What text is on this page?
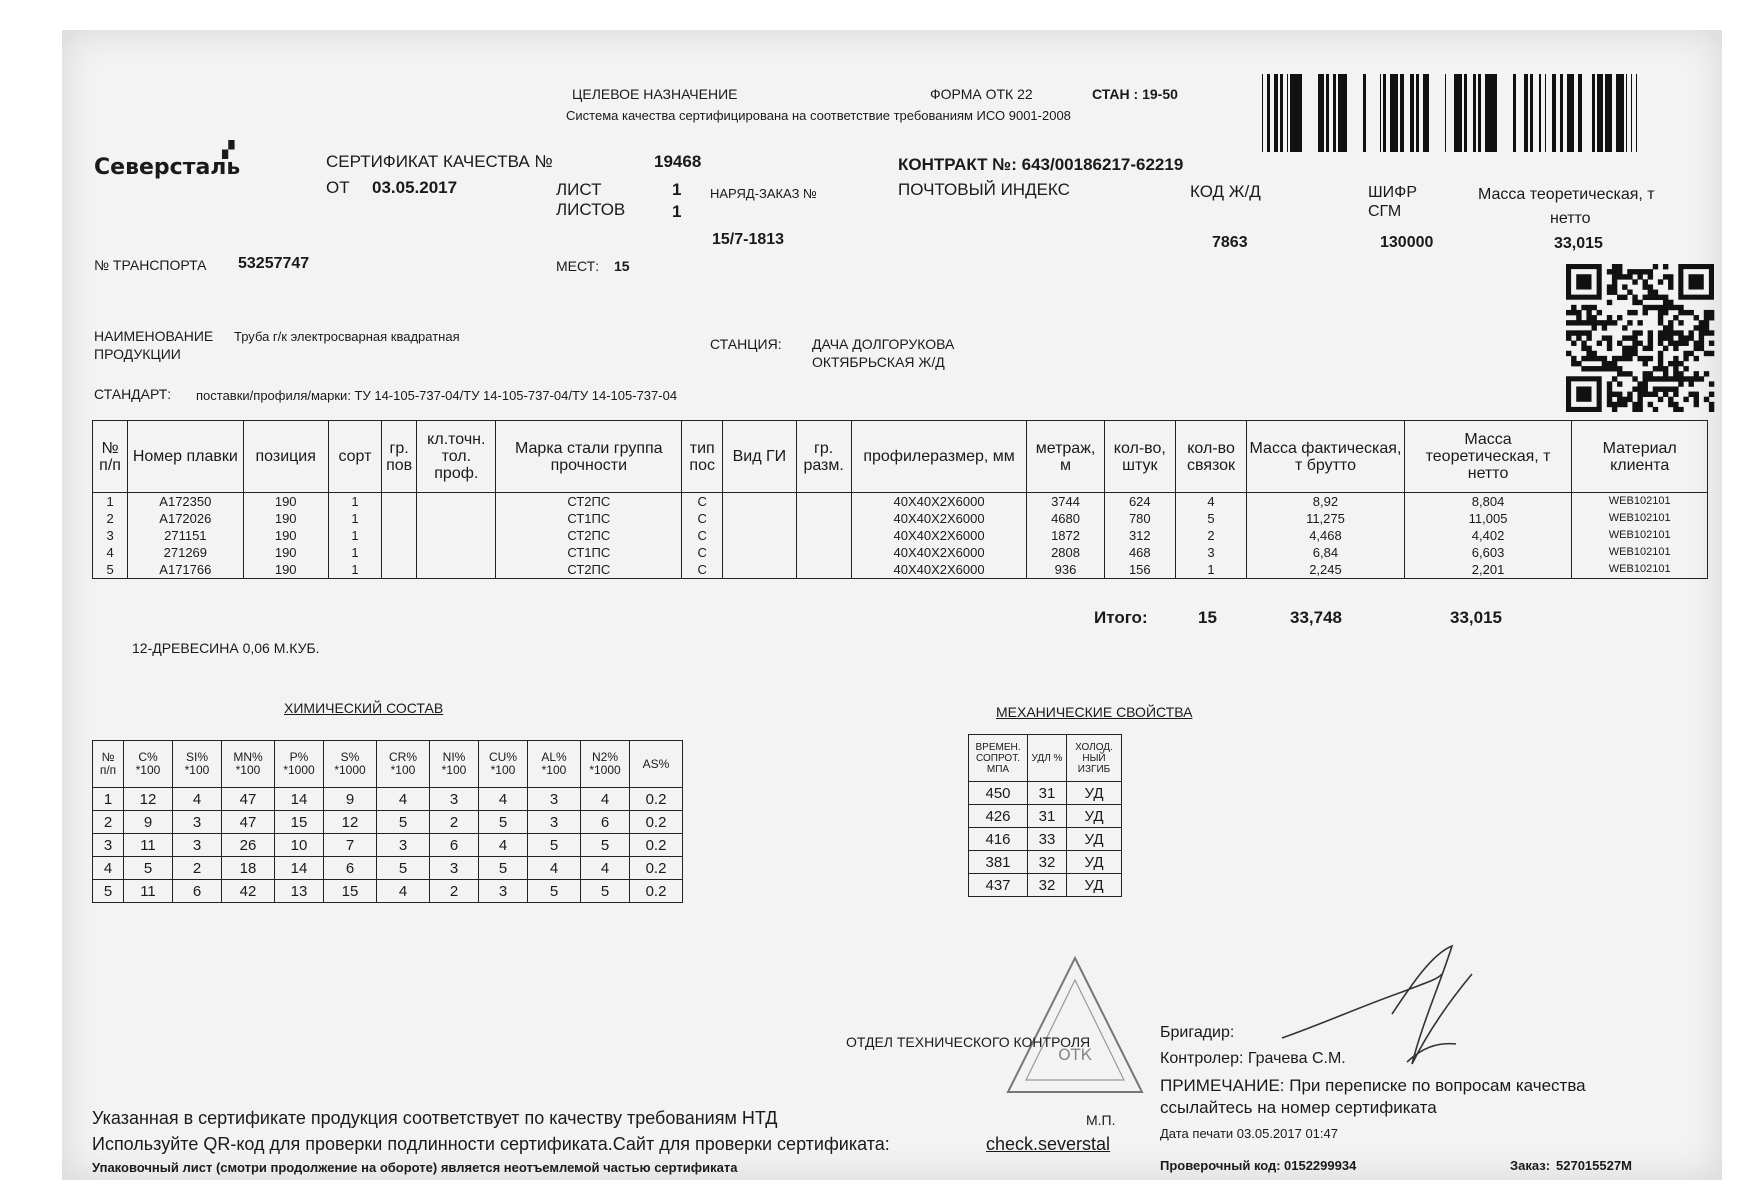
ЦЕЛЕВОЕ НАЗНАЧЕНИЕ	ФОРМА ОТК 22	СТАН : 19-50
Система качества сертифицирована на соответствие требованиям ИСО 9001-2008
Северсталь
▞
СЕРТИФИКАТ КАЧЕСТВА №	19468
ОТ 03.05.2017	ЛИСТ	1
ЛИСТОВ	1
НАРЯД-ЗАКАЗ №
15/7-1813
КОНТРАКТ №: 643/00186217-62219
ПОЧТОВЫЙ ИНДЕКС	КОД Ж/Д
7863
ШИФР
СГМ
130000
Масса теоретическая, т
нетто
33,015
№ ТРАНСПОРТА 53257747	МЕСТ: 15
НАИМЕНОВАНИЕ
ПРОДУКЦИИ
Труба г/к электросварная квадратная	СТАНЦИЯ: ДАЧА ДОЛГОРУКОВА
ОКТЯБРЬСКАЯ Ж/Д
СТАНДАРТ: поставки/профиля/марки: ТУ 14-105-737-04/ТУ 14-105-737-04/ТУ 14-105-737-04
№ п/п	Номер плавки	позиция	сорт	гр. пов	кл.точн. тол. проф.	Марка стали группа прочности	тип пос	Вид ГИ	гр. разм.	профилеразмер, мм	метраж, м	кол-во, штук	кол-во связок	Масса фактическая, т брутто	Масса теоретическая, т нетто	Материал клиента
1	А172350	190	1			СТ2ПС	С			40Х40Х2Х6000	3744	624	4	8,92	8,804	WEB102101
2	А172026	190	1			СТ1ПС	С			40Х40Х2Х6000	4680	780	5	11,275	11,005	WEB102101
3	271151	190	1			СТ2ПС	С			40Х40Х2Х6000	1872	312	2	4,468	4,402	WEB102101
4	271269	190	1			СТ1ПС	С			40Х40Х2Х6000	2808	468	3	6,84	6,603	WEB102101
5	А171766	190	1			СТ2ПС	С			40Х40Х2Х6000	936	156	1	2,245	2,201	WEB102101
Итого:	15	33,748	33,015
12-ДРЕВЕСИНА 0,06 М.КУБ.
ХИМИЧЕСКИЙ СОСТАВ
№ п/п	С% *100	SI% *100	MN% *100	P% *1000	S% *1000	CR% *100	NI% *100	CU% *100	AL% *100	N2% *1000	AS%
1	12	4	47	14	9	4	3	4	3	4	0.2
2	9	3	47	15	12	5	2	5	3	6	0.2
3	11	3	26	10	7	3	6	4	5	5	0.2
4	5	2	18	14	6	5	3	5	4	4	0.2
5	11	6	42	13	15	4	2	3	5	5	0.2
МЕХАНИЧЕСКИЕ СВОЙСТВА
ВРЕМЕН. СОПРОТ. МПА	УДЛ %	ХОЛОД. НЫЙ ИЗГИБ
450	31	УД
426	31	УД
416	33	УД
381	32	УД
437	32	УД
ОТК
ОТДЕЛ ТЕХНИЧЕСКОГО КОНТРОЛЯ
М.П.
Бригадир:
Контролер: Грачева С.М.
ПРИМЕЧАНИЕ: При переписке по вопросам качества
ссылайтесь на номер сертификата
Дата печати 03.05.2017 01:47
Проверочный код: 0152299934	Заказ: 527015527M
Указанная в сертификате продукция соответствует по качеству требованиям НТД
Используйте QR-код для проверки подлинности сертификата.Сайт для проверки сертификата:	check.severstal
Упаковочный лист (смотри продолжение на обороте) является неотъемлемой частью сертификата
